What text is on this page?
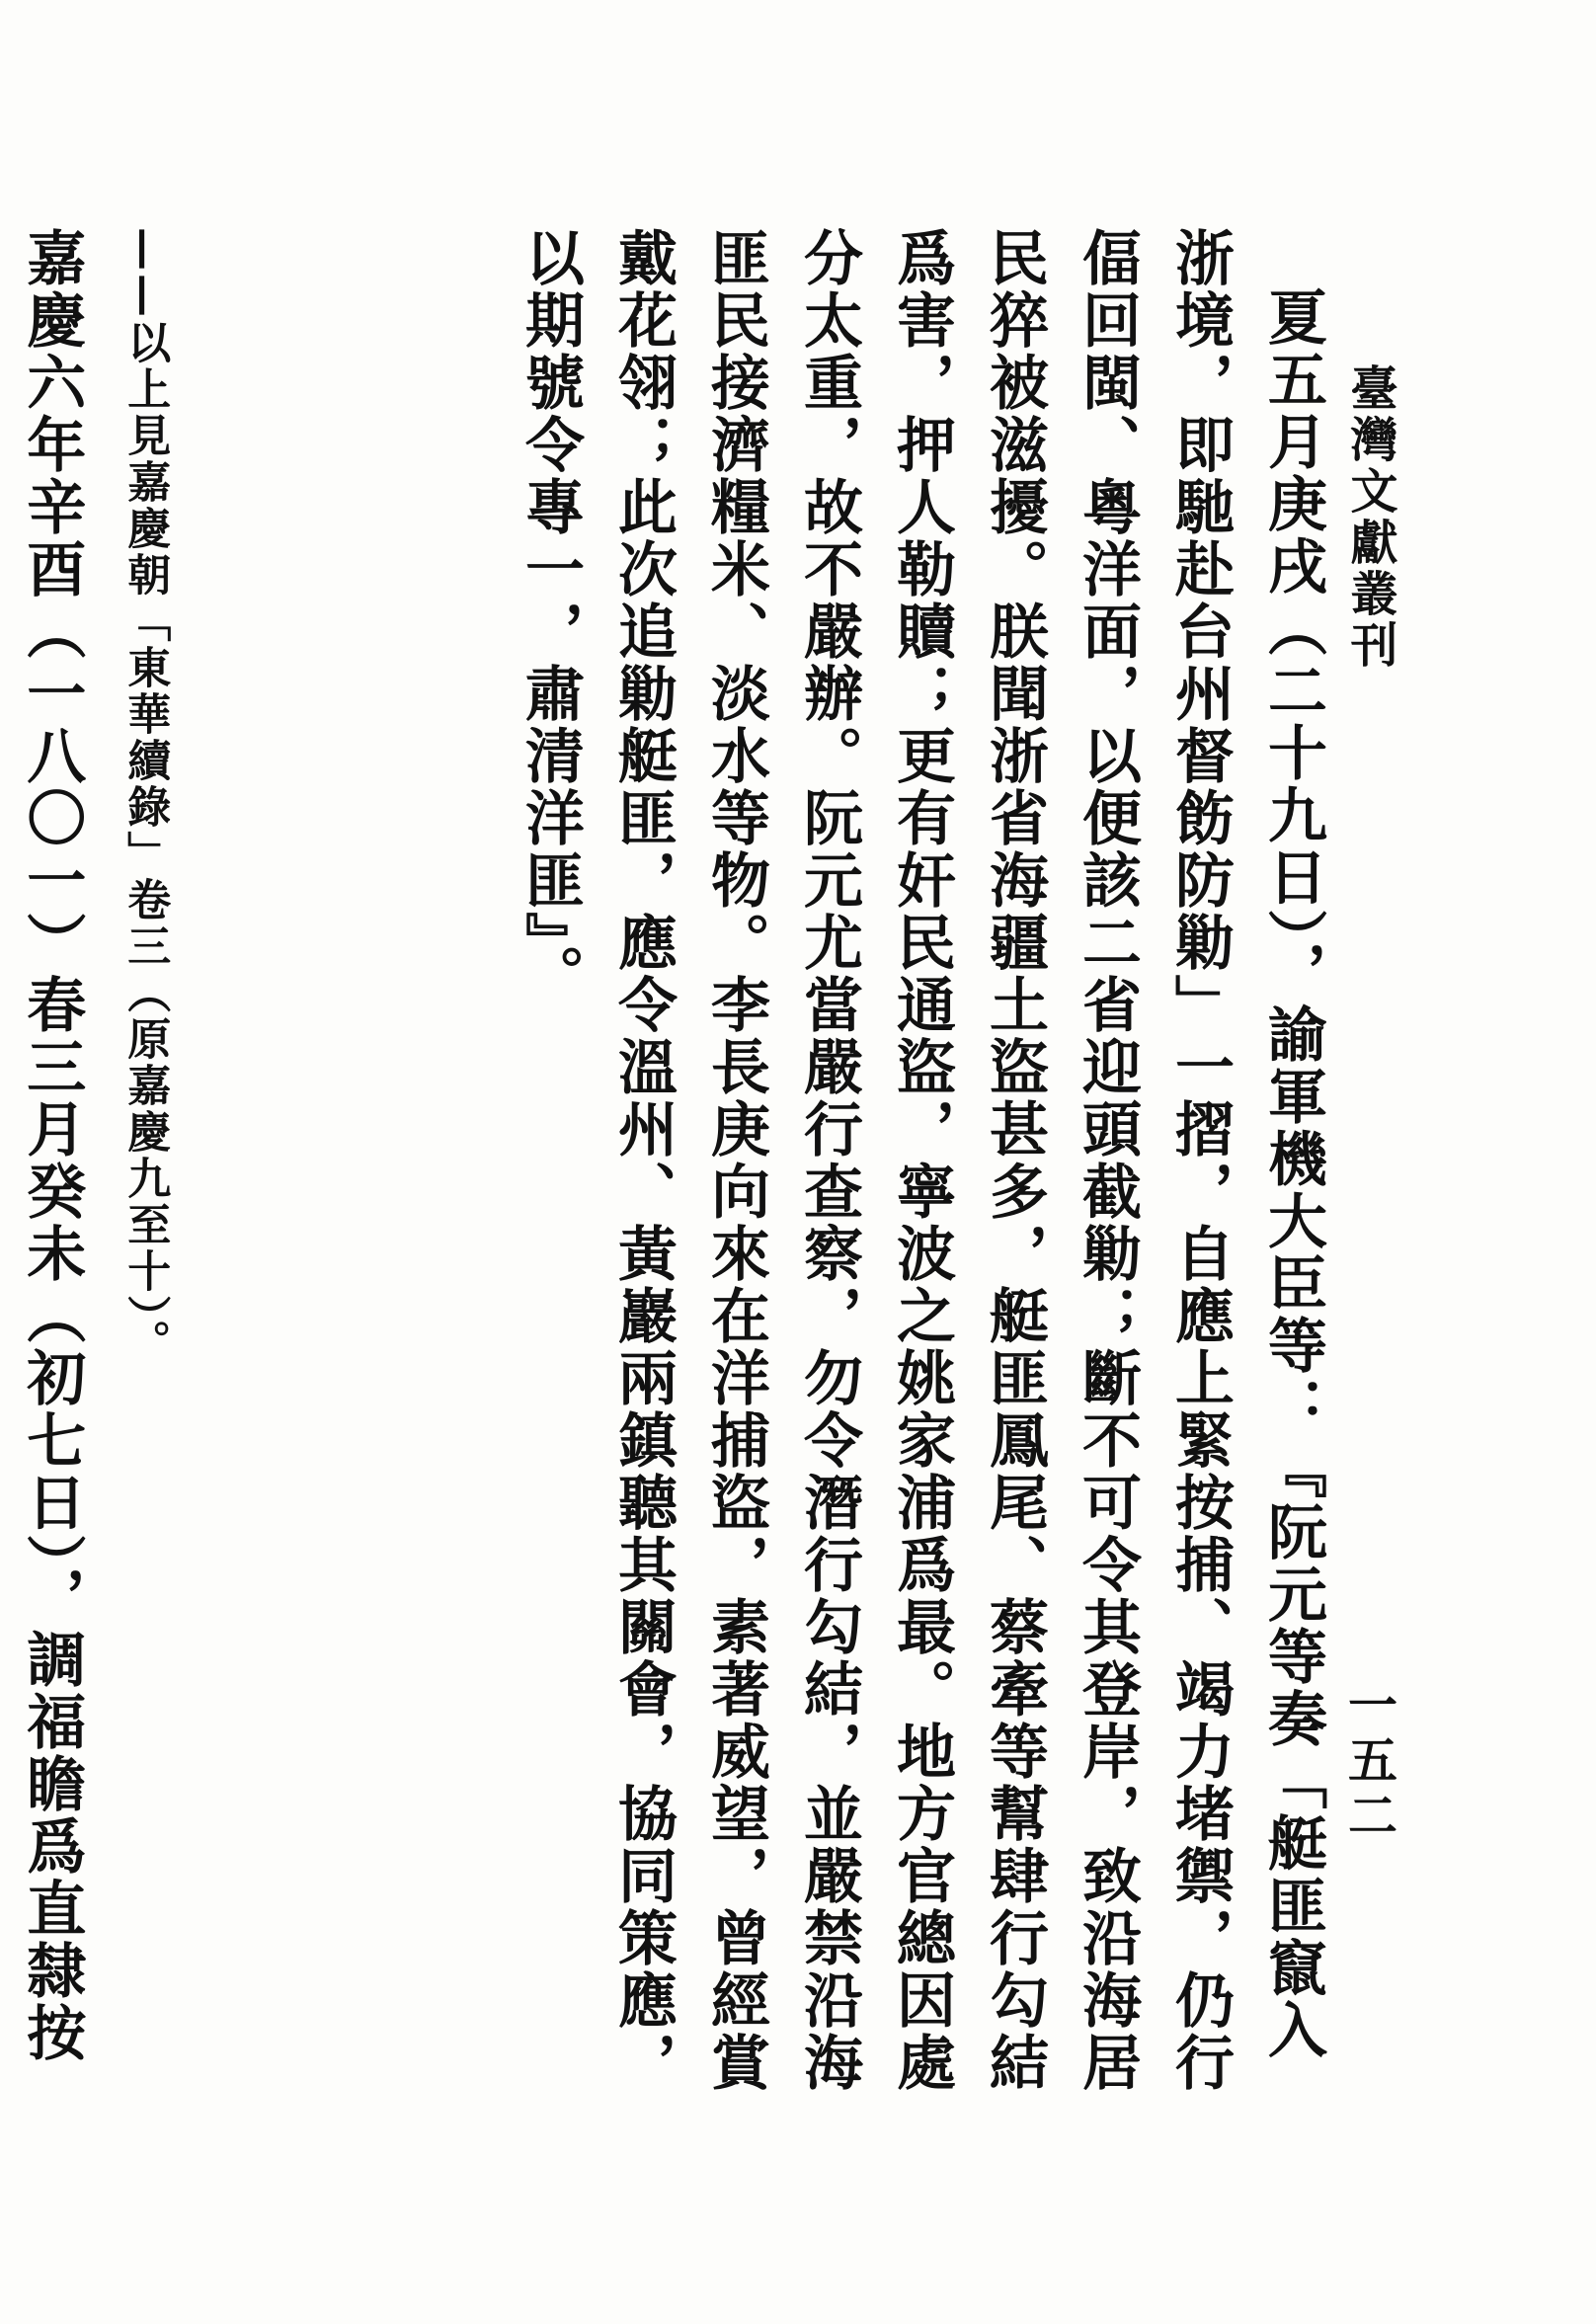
臺灣文獻叢刊
一五二

夏五月庚戌（二十九日），諭軍機大臣等：『阮元等奏「艇匪竄入浙境，即馳赴台州督飭防勦」一摺，自應上緊按捕、竭力堵禦，仍行偪回閩、粵洋面，以便該二省迎頭截勦；斷不可令其登岸，致沿海居民猝被滋擾。朕聞浙省海疆土盜甚多，艇匪鳳尾、蔡牽等幫肆行勾結爲害，押人勒贖；更有奸民通盜，寧波之姚家浦爲最。地方官總因處分太重，故不嚴辦。阮元尤當嚴行查察，勿令潛行勾結，並嚴禁沿海匪民接濟糧米、淡水等物。李長庚向來在洋捕盜，素著威望，曾經賞戴花翎；此次追勦艇匪，應令溫州、黃巖兩鎮聽其關會，協同策應，以期號令專一，肅清洋匪』。

——以上見嘉慶朝「東華續錄」卷三（原嘉慶九至十）。

嘉慶六年辛酉（一八〇一）春三月癸未（初七日），調福瞻爲直隸按
